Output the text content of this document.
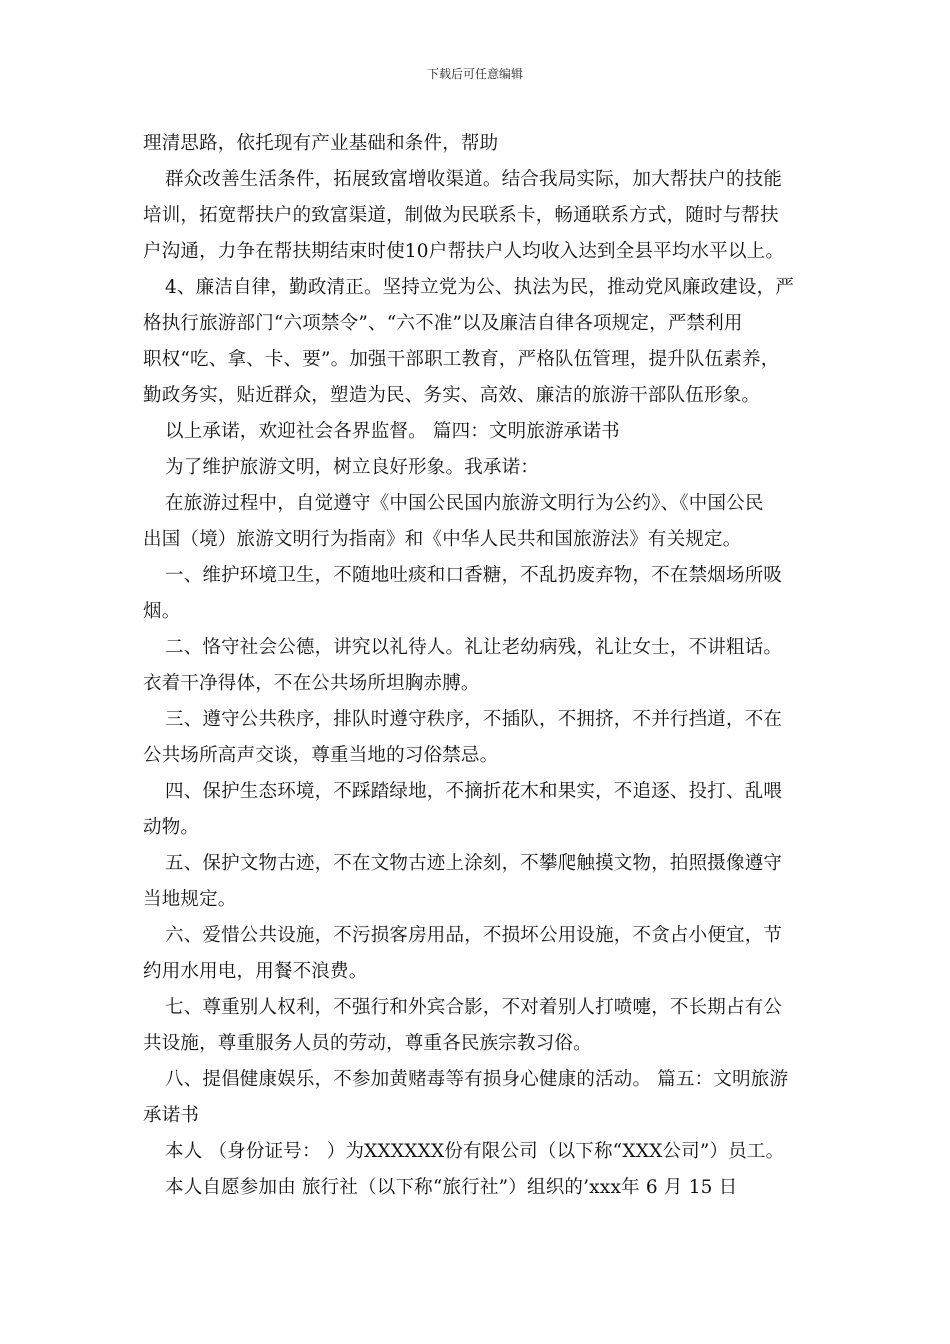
下载后可任意编辑
理清思路，依托现有产业基础和条件，帮助
群众改善生活条件，拓展致富增收渠道。结合我局实际，加大帮扶户的技能
培训，拓宽帮扶户的致富渠道，制做为民联系卡，畅通联系方式，随时与帮扶
户沟通，力争在帮扶期结束时使10户帮扶户人均收入达到全县平均水平以上。
4、廉洁自律，勤政清正。坚持立党为公、执法为民，推动党风廉政建设，严
格执行旅游部门“六项禁令”、“六不准”以及廉洁自律各项规定，严禁利用
职权“吃、拿、卡、要”。加强干部职工教育，严格队伍管理，提升队伍素养，
勤政务实，贴近群众，塑造为民、务实、高效、廉洁的旅游干部队伍形象。
以上承诺，欢迎社会各界监督。 篇四：文明旅游承诺书
为了维护旅游文明，树立良好形象。我承诺：
在旅游过程中，自觉遵守《中国公民国内旅游文明行为公约》、《中国公民
出国（境）旅游文明行为指南》和《中华人民共和国旅游法》有关规定。
一、维护环境卫生，不随地吐痰和口香糖，不乱扔废弃物，不在禁烟场所吸
烟。
二、恪守社会公德，讲究以礼待人。礼让老幼病残，礼让女士，不讲粗话。
衣着干净得体，不在公共场所坦胸赤膊。
三、遵守公共秩序，排队时遵守秩序，不插队，不拥挤，不并行挡道，不在
公共场所高声交谈，尊重当地的习俗禁忌。
四、保护生态环境，不踩踏绿地，不摘折花木和果实，不追逐、投打、乱喂
动物。
五、保护文物古迹，不在文物古迹上涂刻，不攀爬触摸文物，拍照摄像遵守
当地规定。
六、爱惜公共设施，不污损客房用品，不损坏公用设施，不贪占小便宜，节
约用水用电，用餐不浪费。
七、尊重别人权利，不强行和外宾合影，不对着别人打喷嚏，不长期占有公
共设施，尊重服务人员的劳动，尊重各民族宗教习俗。
八、提倡健康娱乐，不参加黄赌毒等有损身心健康的活动。 篇五：文明旅游
承诺书
本人 （身份证号： ）为XXXXXX份有限公司（以下称“XXX公司”）员工。
本人自愿参加由 旅行社（以下称“旅行社”）组织的’xxx年 6 月 15 日
